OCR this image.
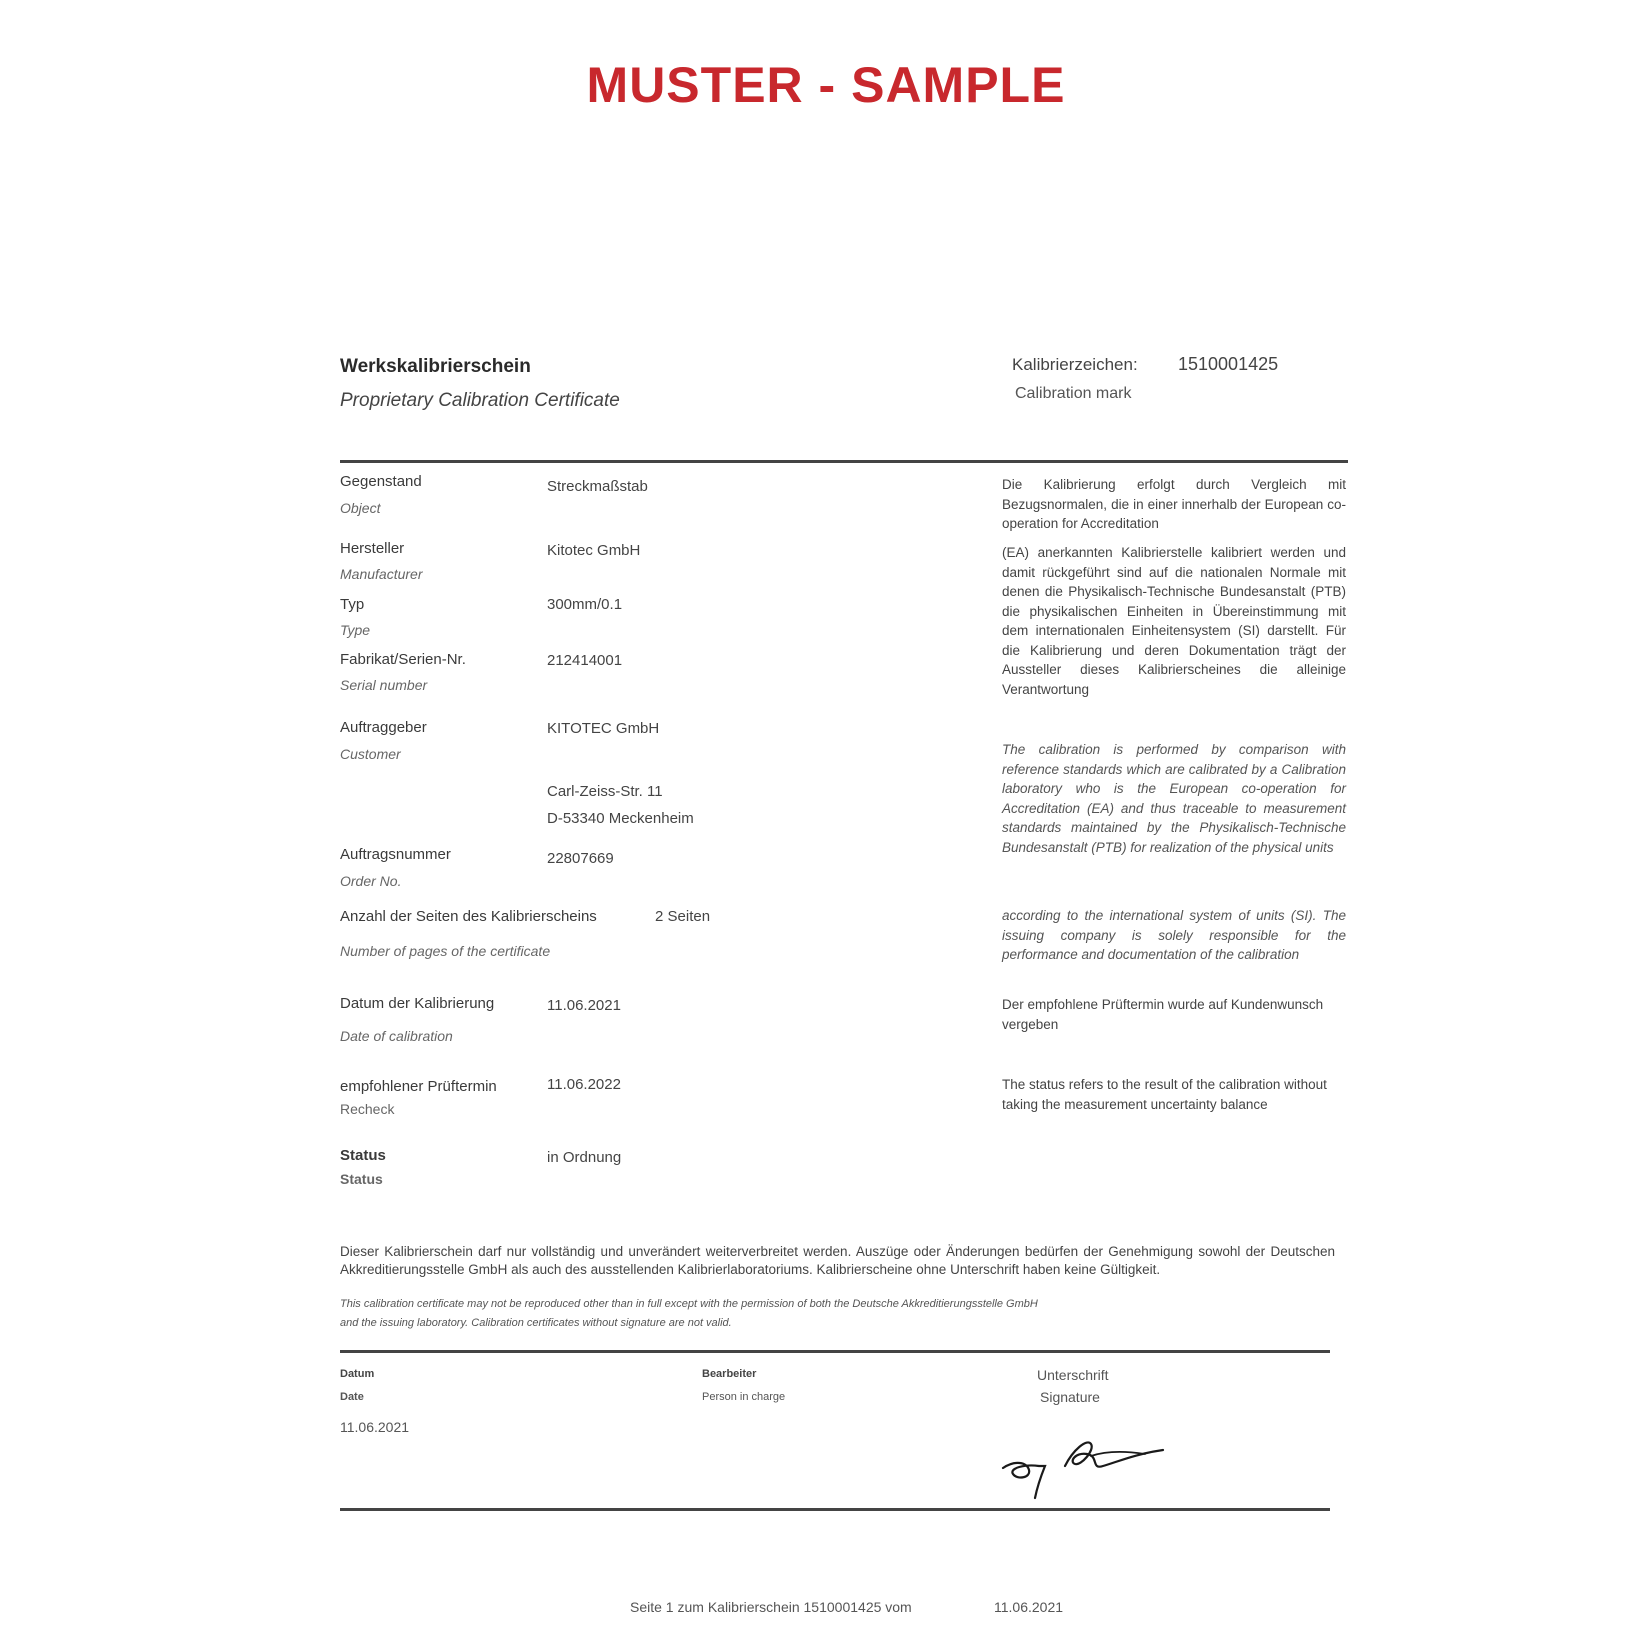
MUSTER - SAMPLE
Werkskalibrierschein
Proprietary Calibration Certificate
Kalibrierzeichen: 1510001425
Calibration mark
Gegenstand
Object
Streckmaßstab
Hersteller
Manufacturer
Kitotec GmbH
Typ
Type
300mm/0.1
Fabrikat/Serien-Nr.
Serial number
212414001
Auftraggeber
Customer
KITOTEC GmbH
Carl-Zeiss-Str. 11
D-53340 Meckenheim
Auftragsnummer
Order No.
22807669
Anzahl der Seiten des Kalibrierscheins
Number of pages of the certificate
2 Seiten
Datum der Kalibrierung
Date of calibration
11.06.2021
empfohlener Prüftermin
Recheck
11.06.2022
Status
Status
in Ordnung
Die Kalibrierung erfolgt durch Vergleich mit Bezugsnormalen, die in einer innerhalb der European co-operation for Accreditation
(EA) anerkannten Kalibrierstelle kalibriert werden und damit rückgeführt sind auf die nationalen Normale mit denen die Physikalisch-Technische Bundesanstalt (PTB) die physikalischen Einheiten in Übereinstimmung mit dem internationalen Einheitensystem (SI) darstellt. Für die Kalibrierung und deren Dokumentation trägt der Aussteller dieses Kalibrierscheines die alleinige Verantwortung
The calibration is performed by comparison with reference standards which are calibrated by a Calibration laboratory who is the European co-operation for Accreditation (EA) and thus traceable to measurement standards maintained by the Physikalisch-Technische Bundesanstalt (PTB) for realization of the physical units
according to the international system of units (SI). The issuing company is solely responsible for the performance and documentation of the calibration
Der empfohlene Prüftermin wurde auf Kundenwunsch vergeben
The status refers to the result of the calibration without taking the measurement uncertainty balance
Dieser Kalibrierschein darf nur vollständig und unverändert weiterverbreitet werden. Auszüge oder Änderungen bedürfen der Genehmigung sowohl der Deutschen Akkreditierungsstelle GmbH als auch des ausstellenden Kalibrierlaboratoriums. Kalibrierscheine ohne Unterschrift haben keine Gültigkeit.
This calibration certificate may not be reproduced other than in full except with the permission of both the Deutsche Akkreditierungsstelle GmbH
and the issuing laboratory. Calibration certificates without signature are not valid.
Datum
Date
11.06.2021
Bearbeiter
Person in charge
Unterschrift
Signature
Seite 1 zum Kalibrierschein 1510001425 vom	11.06.2021
